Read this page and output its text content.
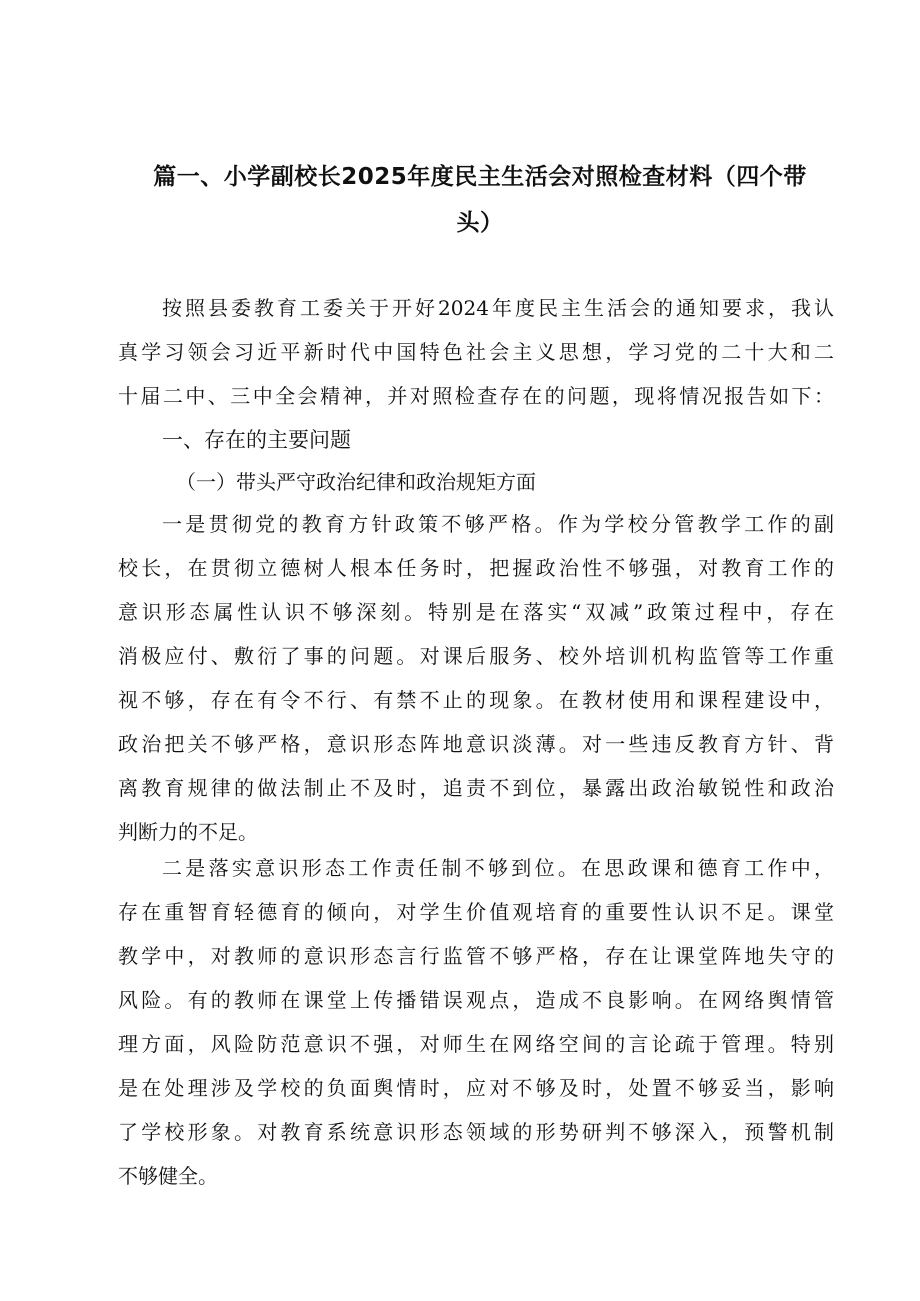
篇一、小学副校长2025年度民主生活会对照检查材料（四个带
头）
按照县委教育工委关于开好2024年度民主生活会的通知要求，我认
真学习领会习近平新时代中国特色社会主义思想，学习党的二十大和二
十届二中、三中全会精神，并对照检查存在的问题，现将情况报告如下：
一、存在的主要问题
（一）带头严守政治纪律和政治规矩方面
一是贯彻党的教育方针政策不够严格。作为学校分管教学工作的副
校长，在贯彻立德树人根本任务时，把握政治性不够强，对教育工作的
意识形态属性认识不够深刻。特别是在落实“双减”政策过程中，存在
消极应付、敷衍了事的问题。对课后服务、校外培训机构监管等工作重
视不够，存在有令不行、有禁不止的现象。在教材使用和课程建设中，
政治把关不够严格，意识形态阵地意识淡薄。对一些违反教育方针、背
离教育规律的做法制止不及时，追责不到位，暴露出政治敏锐性和政治
判断力的不足。
二是落实意识形态工作责任制不够到位。在思政课和德育工作中，
存在重智育轻德育的倾向，对学生价值观培育的重要性认识不足。课堂
教学中，对教师的意识形态言行监管不够严格，存在让课堂阵地失守的
风险。有的教师在课堂上传播错误观点，造成不良影响。在网络舆情管
理方面，风险防范意识不强，对师生在网络空间的言论疏于管理。特别
是在处理涉及学校的负面舆情时，应对不够及时，处置不够妥当，影响
了学校形象。对教育系统意识形态领域的形势研判不够深入，预警机制
不够健全。
